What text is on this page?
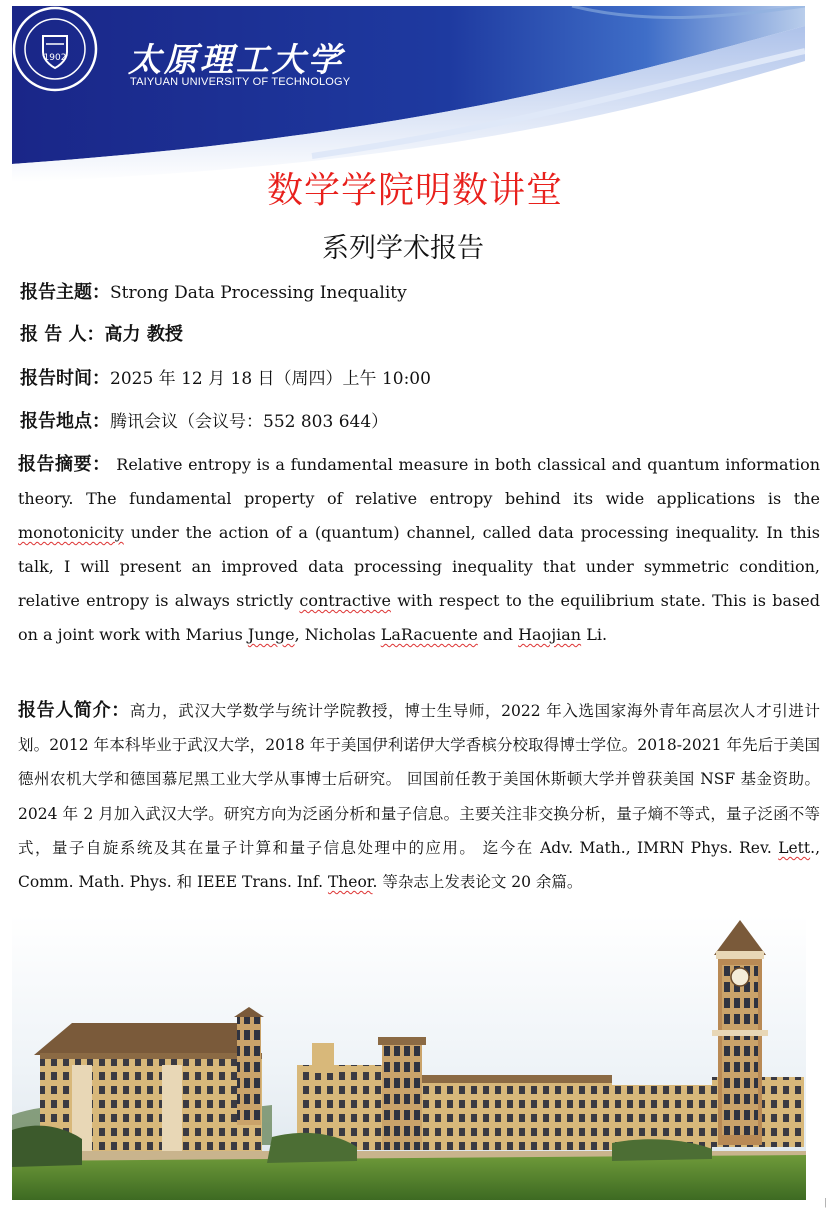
1902 太原理工大学
TAIYUAN UNIVERSITY OF TECHNOLOGY
数学学院明数讲堂
系列学术报告
报告主题：Strong Data Processing Inequality
报 告 人：高力 教授
报告时间：2025 年 12 月 18 日（周四）上午 10:00
报告地点：腾讯会议（会议号：552 803 644）
报告摘要： Relative entropy is a fundamental measure in both classical and quantum information theory. The fundamental property of relative entropy behind its wide applications is the monotonicity under the action of a (quantum) channel, called data processing inequality. In this talk, I will present an improved data processing inequality that under symmetric condition, relative entropy is always strictly contractive with respect to the equilibrium state. This is based on a joint work with Marius Junge, Nicholas LaRacuente and Haojian Li.
报告人简介：高力，武汉大学数学与统计学院教授，博士生导师，2022 年入选国家海外青年高层次人才引进计划。2012 年本科毕业于武汉大学，2018 年于美国伊利诺伊大学香槟分校取得博士学位。2018-2021 年先后于美国德州农机大学和德国慕尼黑工业大学从事博士后研究。 回国前任教于美国休斯顿大学并曾获美国 NSF 基金资助。2024 年 2 月加入武汉大学。研究方向为泛函分析和量子信息。主要关注非交换分析，量子熵不等式，量子泛函不等式，量子自旋系统及其在量子计算和量子信息处理中的应用。 迄今在 Adv. Math., IMRN Phys. Rev. Lett., Comm. Math. Phys. 和 IEEE Trans. Inf. Theor. 等杂志上发表论文 20 余篇。
|
